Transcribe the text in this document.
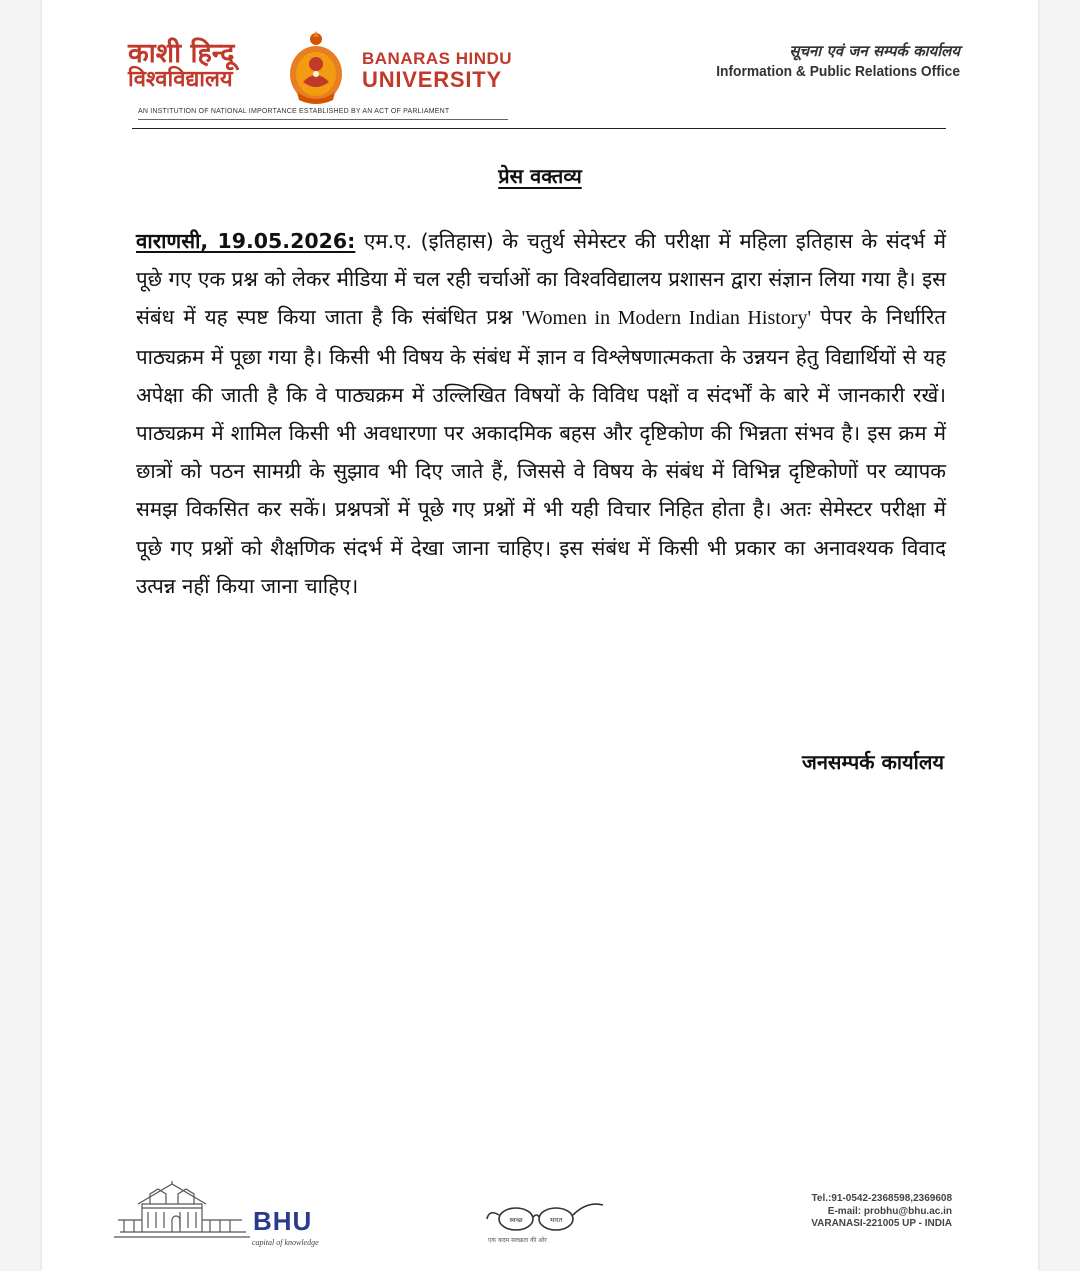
काशी हिन्दू
विश्वविद्यालय
BANARAS HINDU
UNIVERSITY
AN INSTITUTION OF NATIONAL IMPORTANCE ESTABLISHED BY AN ACT OF PARLIAMENT
सूचना एवं जन सम्पर्क कार्यालय
Information & Public Relations Office
प्रेस वक्तव्य

वाराणसी, 19.05.2026: एम.ए. (इतिहास) के चतुर्थ सेमेस्टर की परीक्षा में महिला इतिहास के संदर्भ में पूछे गए एक प्रश्न को लेकर मीडिया में चल रही चर्चाओं का विश्वविद्यालय प्रशासन द्वारा संज्ञान लिया गया है। इस संबंध में यह स्पष्ट किया जाता है कि संबंधित प्रश्न 'Women in Modern Indian History' पेपर के निर्धारित पाठ्यक्रम में पूछा गया है। किसी भी विषय के संबंध में ज्ञान व विश्लेषणात्मकता के उन्नयन हेतु विद्यार्थियों से यह अपेक्षा की जाती है कि वे पाठ्यक्रम में उल्लिखित विषयों के विविध पक्षों व संदर्भों के बारे में जानकारी रखें। पाठ्यक्रम में शामिल किसी भी अवधारणा पर अकादमिक बहस और दृष्टिकोण की भिन्नता संभव है। इस क्रम में छात्रों को पठन सामग्री के सुझाव भी दिए जाते हैं, जिससे वे विषय के संबंध में विभिन्न दृष्टिकोणों पर व्यापक समझ विकसित कर सकें। प्रश्नपत्रों में पूछे गए प्रश्नों में भी यही विचार निहित होता है। अतः सेमेस्टर परीक्षा में पूछे गए प्रश्नों को शैक्षणिक संदर्भ में देखा जाना चाहिए। इस संबंध में किसी भी प्रकार का अनावश्यक विवाद उत्पन्न नहीं किया जाना चाहिए।

जनसम्पर्क कार्यालय
BHU
capital of knowledge
स्वच्छ	भारत
एक कदम स्वच्छता की ओर
Tel.:91-0542-2368598,2369608
E-mail: probhu@bhu.ac.in
VARANASI-221005 UP - INDIA
